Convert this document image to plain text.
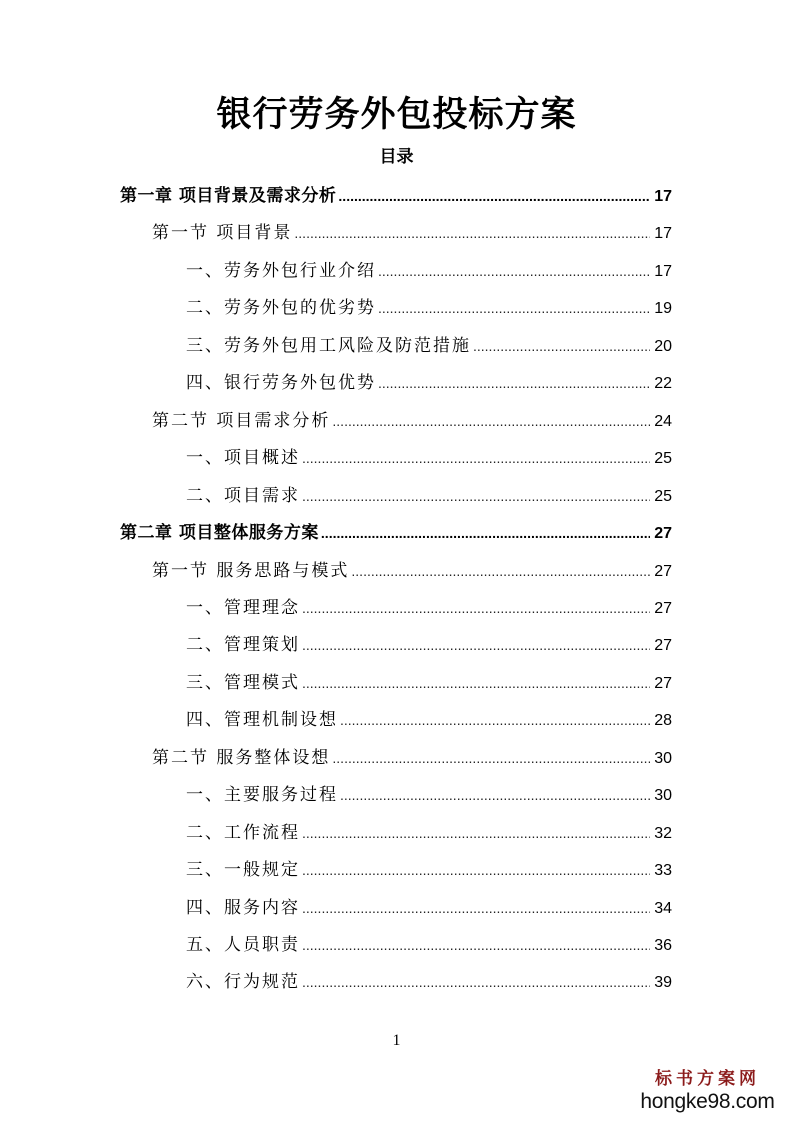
银行劳务外包投标方案
目录
第一章 项目背景及需求分析 .....	17
第一节 项目背景 .....	17
一、劳务外包行业介绍 .....	17
二、劳务外包的优劣势 .....	19
三、劳务外包用工风险及防范措施 .....	20
四、银行劳务外包优势 .....	22
第二节 项目需求分析 .....	24
一、项目概述 .....	25
二、项目需求 .....	25
第二章 项目整体服务方案 .....	27
第一节 服务思路与模式 .....	27
一、管理理念 .....	27
二、管理策划 .....	27
三、管理模式 .....	27
四、管理机制设想 .....	28
第二节 服务整体设想 .....	30
一、主要服务过程 .....	30
二、工作流程 .....	32
三、一般规定 .....	33
四、服务内容 .....	34
五、人员职责 .....	36
六、行为规范 .....	39
1
标书方案网
hongke98.com
